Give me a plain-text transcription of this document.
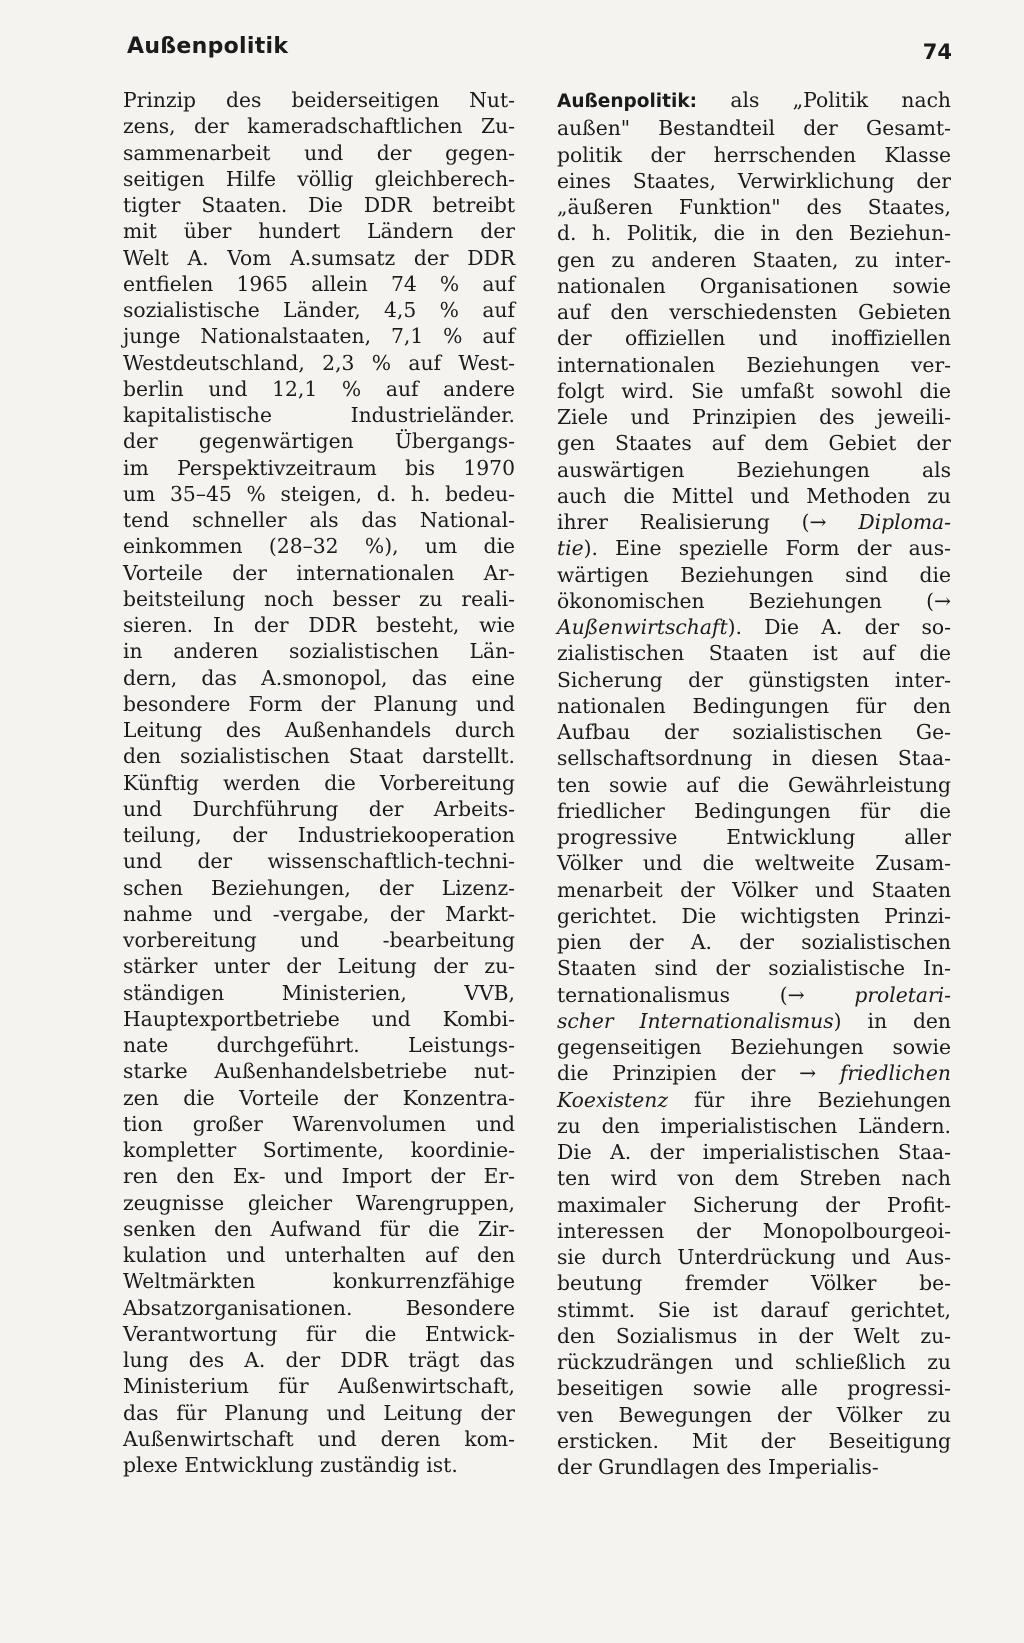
Außenpolitik	74
Prinzip des beiderseitigen Nut-
zens, der kameradschaftlichen Zu-
sammenarbeit und der gegen-
seitigen Hilfe völlig gleichberech-
tigter Staaten. Die DDR betreibt
mit über hundert Ländern der
Welt A. Vom A.sumsatz der DDR
entfielen 1965 allein 74 % auf
sozialistische Länder, 4,5 % auf
junge Nationalstaaten, 7,1 % auf
Westdeutschland, 2,3 % auf West-
berlin und 12,1 % auf andere
kapitalistische Industrieländer.
der gegenwärtigen Übergangs-
im Perspektivzeitraum bis 1970
um 35–45 % steigen, d. h. bedeu-
tend schneller als das National-
einkommen (28–32 %), um die
Vorteile der internationalen Ar-
beitsteilung noch besser zu reali-
sieren. In der DDR besteht, wie
in anderen sozialistischen Län-
dern, das A.smonopol, das eine
besondere Form der Planung und
Leitung des Außenhandels durch
den sozialistischen Staat darstellt.
Künftig werden die Vorbereitung
und Durchführung der Arbeits-
teilung, der Industriekooperation
und der wissenschaftlich-techni-
schen Beziehungen, der Lizenz-
nahme und -vergabe, der Markt-
vorbereitung und -bearbeitung
stärker unter der Leitung der zu-
ständigen Ministerien, VVB,
Hauptexportbetriebe und Kombi-
nate durchgeführt. Leistungs-
starke Außenhandelsbetriebe nut-
zen die Vorteile der Konzentra-
tion großer Warenvolumen und
kompletter Sortimente, koordinie-
ren den Ex- und Import der Er-
zeugnisse gleicher Warengruppen,
senken den Aufwand für die Zir-
kulation und unterhalten auf den
Weltmärkten konkurrenzfähige
Absatzorganisationen. Besondere
Verantwortung für die Entwick-
lung des A. der DDR trägt das
Ministerium für Außenwirtschaft,
das für Planung und Leitung der
Außenwirtschaft und deren kom-
plexe Entwicklung zuständig ist.
Außenpolitik: als „Politik nach
außen" Bestandteil der Gesamt-
politik der herrschenden Klasse
eines Staates, Verwirklichung der
„äußeren Funktion" des Staates,
d. h. Politik, die in den Beziehun-
gen zu anderen Staaten, zu inter-
nationalen Organisationen sowie
auf den verschiedensten Gebieten
der offiziellen und inoffiziellen
internationalen Beziehungen ver-
folgt wird. Sie umfaßt sowohl die
Ziele und Prinzipien des jeweili-
gen Staates auf dem Gebiet der
auswärtigen Beziehungen als
auch die Mittel und Methoden zu
ihrer Realisierung (→ Diploma-
tie). Eine spezielle Form der aus-
wärtigen Beziehungen sind die
ökonomischen Beziehungen (→
Außenwirtschaft). Die A. der so-
zialistischen Staaten ist auf die
Sicherung der günstigsten inter-
nationalen Bedingungen für den
Aufbau der sozialistischen Ge-
sellschaftsordnung in diesen Staa-
ten sowie auf die Gewährleistung
friedlicher Bedingungen für die
progressive Entwicklung aller
Völker und die weltweite Zusam-
menarbeit der Völker und Staaten
gerichtet. Die wichtigsten Prinzi-
pien der A. der sozialistischen
Staaten sind der sozialistische In-
ternationalismus (→ proletari-
scher Internationalismus) in den
gegenseitigen Beziehungen sowie
die Prinzipien der → friedlichen
Koexistenz für ihre Beziehungen
zu den imperialistischen Ländern.
Die A. der imperialistischen Staa-
ten wird von dem Streben nach
maximaler Sicherung der Profit-
interessen der Monopolbourgeoi-
sie durch Unterdrückung und Aus-
beutung fremder Völker be-
stimmt. Sie ist darauf gerichtet,
den Sozialismus in der Welt zu-
rückzudrängen und schließlich zu
beseitigen sowie alle progressi-
ven Bewegungen der Völker zu
ersticken. Mit der Beseitigung
der Grundlagen des Imperialis-
